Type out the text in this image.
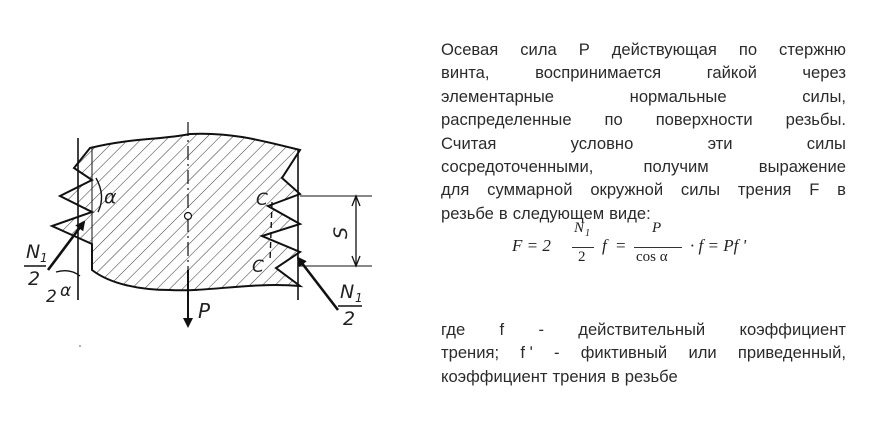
P
α
N 1
2
2 α
C
C
S
N 1
2
Осевая сила P действующая по стержню
винта,	воспринимается	гайкой	через
элементарные	нормальные	силы,
распределенные по поверхности резьбы.
Считая	условно	эти	силы
сосредоточенными,	получим	выражение
для суммарной окружной силы трения F в
резьбе в следующем виде:
F = 2
N 1
2
f =
P
cos α
· f = Pf ʹ
где f - действительный коэффициент
трения; f ʹ - фиктивный или приведенный,
коэффициент трения в резьбе
